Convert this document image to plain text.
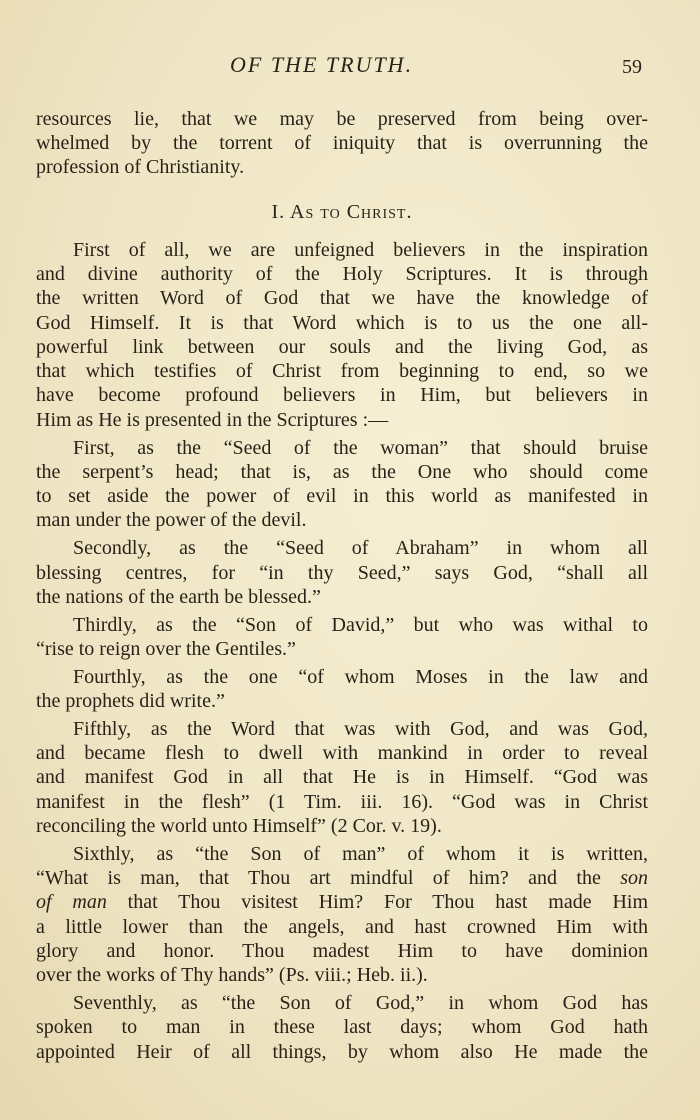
OF THE TRUTH.	59
resources lie, that we may be preserved from being over-
whelmed by the torrent of iniquity that is overrunning the
profession of Christianity.
I. As to Christ.
First of all, we are unfeigned believers in the inspiration
and divine authority of the Holy Scriptures. It is through
the written Word of God that we have the knowledge of
God Himself. It is that Word which is to us the one all-
powerful link between our souls and the living God, as
that which testifies of Christ from beginning to end, so we
have become profound believers in Him, but believers in
Him as He is presented in the Scriptures :—
First, as the “Seed of the woman” that should bruise
the serpent’s head; that is, as the One who should come
to set aside the power of evil in this world as manifested in
man under the power of the devil.
Secondly, as the “Seed of Abraham” in whom all
blessing centres, for “in thy Seed,” says God, “shall all
the nations of the earth be blessed.”
Thirdly, as the “Son of David,” but who was withal to
“rise to reign over the Gentiles.”
Fourthly, as the one “of whom Moses in the law and
the prophets did write.”
Fifthly, as the Word that was with God, and was God,
and became flesh to dwell with mankind in order to reveal
and manifest God in all that He is in Himself. “God was
manifest in the flesh” (1 Tim. iii. 16). “God was in Christ
reconciling the world unto Himself” (2 Cor. v. 19).
Sixthly, as “the Son of man” of whom it is written,
“What is man, that Thou art mindful of him? and the son
of man that Thou visitest Him? For Thou hast made Him
a little lower than the angels, and hast crowned Him with
glory and honor. Thou madest Him to have dominion
over the works of Thy hands” (Ps. viii.; Heb. ii.).
Seventhly, as “the Son of God,” in whom God has
spoken to man in these last days; whom God hath
appointed Heir of all things, by whom also He made the
